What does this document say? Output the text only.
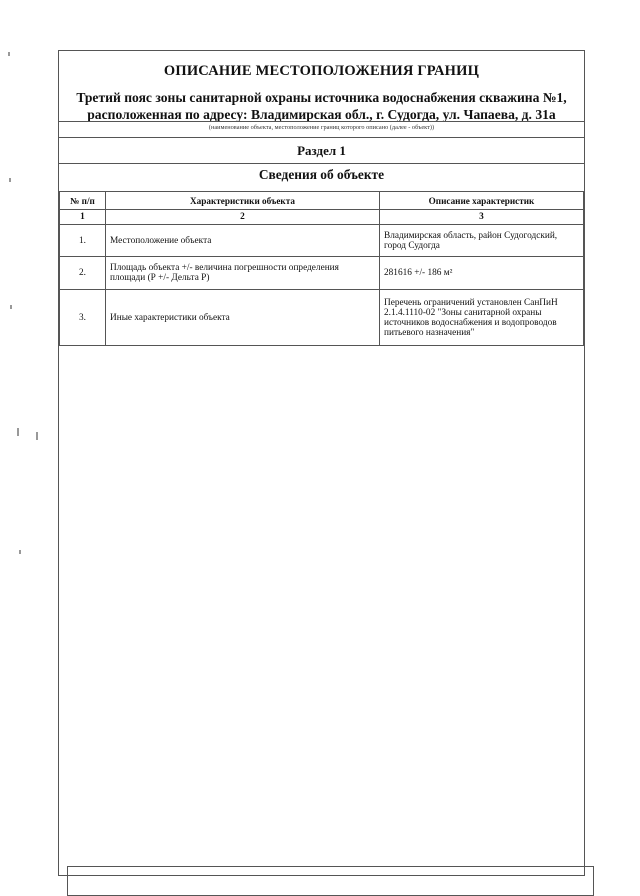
ОПИСАНИЕ МЕСТОПОЛОЖЕНИЯ ГРАНИЦ
Третий пояс зоны санитарной охраны источника водоснабжения скважина №1,
расположенная по адресу: Владимирская обл., г. Судогда, ул. Чапаева, д. 31а
(наименование объекта, местоположение границ которого описано (далее - объект))
Раздел 1
Сведения об объекте
№ п/п	Характеристики объекта	Описание характеристик
1	2	3
1.	Местоположение объекта	Владимирская область, район Судогодский, город Судогда
2.	Площадь объекта +/- величина погрешности определения площади (Р +/- Дельта Р)	281616 +/- 186 м²
3.	Иные характеристики объекта	Перечень ограничений установлен СанПиН 2.1.4.1110-02 "Зоны санитарной охраны источников водоснабжения и водопроводов питьевого назначения"
